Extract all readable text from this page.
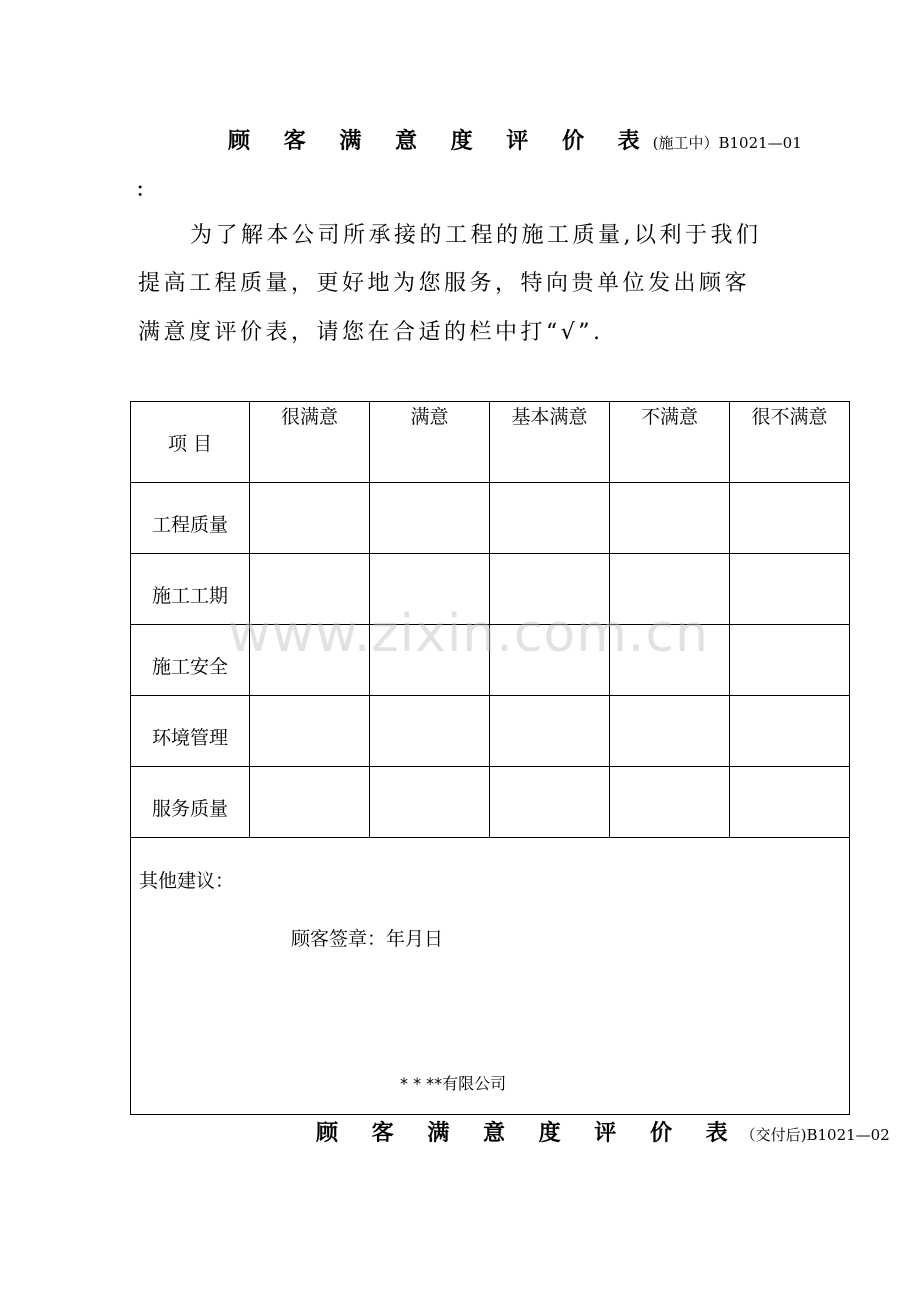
顾 客 满 意 度 评 价 表(施工中）B1021—01
：
为了解本公司所承接的工程的施工质量,以利于我们
提高工程质量，更好地为您服务，特向贵单位发出顾客
满意度评价表，请您在合适的栏中打“√”.
项 目	很满意	满意	基本满意	不满意	很不满意
工程质量					
施工工期					
施工安全					
环境管理					
服务质量					

其他建议：
顾客签章：年月日					
www.zixin.com.cn
* * **有限公司
顾 客 满 意 度 评 价 表（交付后)B1021—02
